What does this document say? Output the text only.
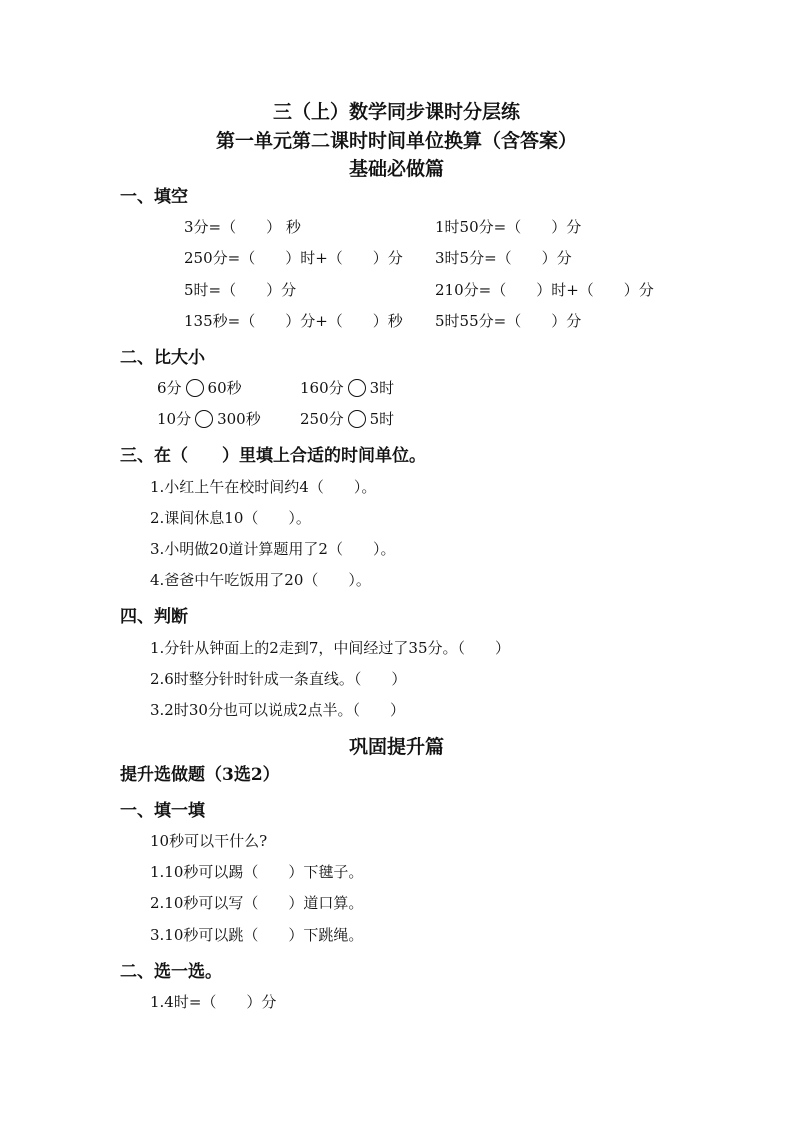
三（上）数学同步课时分层练
第一单元第二课时时间单位换算（含答案）
基础必做篇
一、填空
3分=（　　） 秒	1时50分=（　　）分
250分=（　　）时+（　　）分 3时5分=（　　）分
5时=（　　）分	210分=（　　）时+（　　）分
135秒=（　　）分+（　　）秒 5时55分=（　　）分
二、比大小
6分 60秒	160分 3时
10分 300秒	250分 5时
三、在（　　）里填上合适的时间单位。
1.小红上午在校时间约4（　　）。
2.课间休息10（　　）。
3.小明做20道计算题用了2（　　）。
4.爸爸中午吃饭用了20（　　）。
四、判断
1.分针从钟面上的2走到7，中间经过了35分。（　　）
2.6时整分针时针成一条直线。（　　）
3.2时30分也可以说成2点半。（　　）
巩固提升篇
提升选做题（3选2）
一、填一填
10秒可以干什么?
1.10秒可以踢（　　）下毽子。
2.10秒可以写（　　）道口算。
3.10秒可以跳（　　）下跳绳。
二、选一选。
1.4时=（　　）分
